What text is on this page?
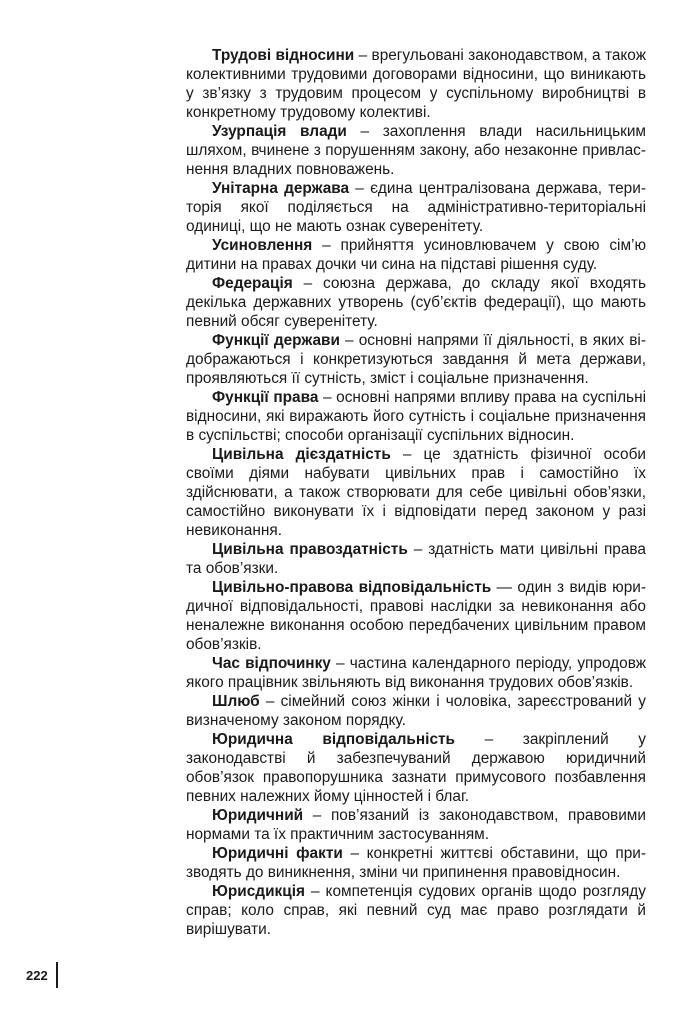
Трудові відносини – врегульовані законодавством, а також колективними трудовими договорами відносини, що виникають у зв’язку з трудовим процесом у суспільному виробництві в конкретному трудовому колективі.

Узурпація влади – захоплення влади насильницьким шляхом, вчинене з порушенням закону, або незаконне привласнення владних повноважень.

Унітарна держава – єдина централізована держава, територія якої поділяється на адміністративно-територіальні одиниці, що не мають ознак суверенітету.

Усиновлення – прийняття усиновлювачем у свою сім’ю дитини на правах дочки чи сина на підставі рішення суду.

Федерація – союзна держава, до складу якої входять декілька державних утворень (суб’єктів федерації), що мають певний обсяг суверенітету.

Функції держави – основні напрями її діяльності, в яких відображаються і конкретизуються завдання й мета держави, проявляються її сутність, зміст і соціальне призначення.

Функції права – основні напрями впливу права на суспільні відносини, які виражають його сутність і соціальне призначення в суспільстві; способи організації суспільних відносин.

Цивільна дієздатність – це здатність фізичної особи своїми діями набувати цивільних прав і самостійно їх здійснювати, а також створювати для себе цивільні обов’язки, самостійно виконувати їх і відповідати перед законом у разі невиконання.

Цивільна правоздатність – здатність мати цивільні права та обов’язки.

Цивільно-правова відповідальність — один з видів юридичної відповідальності, правові наслідки за невиконання або неналежне виконання особою передбачених цивільним правом обов’язків.

Час відпочинку – частина календарного періоду, упродовж якого працівник звільняють від виконання трудових обов’язків.

Шлюб – сімейний союз жінки і чоловіка, зареєстрований у визначеному законом порядку.

Юридична відповідальність – закріплений у законодавстві й забезпечуваний державою юридичний обов’язок правопорушника зазнати примусового позбавлення певних належних йому цінностей і благ.

Юридичний – пов’язаний із законодавством, правовими нормами та їх практичним застосуванням.

Юридичні факти – конкретні життєві обставини, що призводять до виникнення, зміни чи припинення правовідносин.

Юрисдикція – компетенція судових органів щодо розгляду справ; коло справ, які певний суд має право розглядати й вирішувати.

222
